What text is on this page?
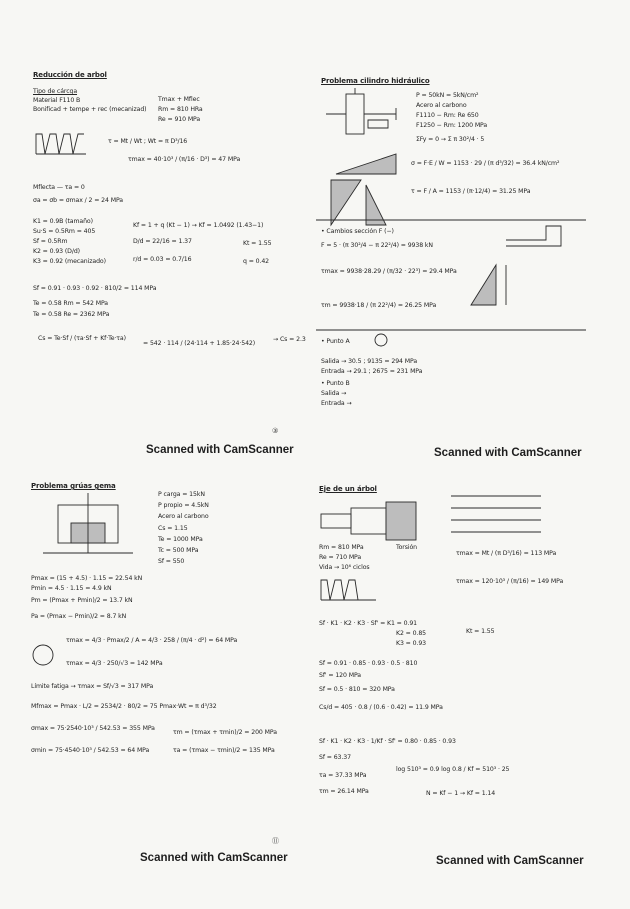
Reducción de arbol
Tipo de cárcga
Material F110 B
Bonificad + tempe + rec (mecanizad)
Tmax + Mflec
Rm = 810 HRa
Re = 910 MPa
τ = Mt / Wt ; Wt = π D³/16
τmax = 40·10³ / (π/16 · D³) = 47 MPa
Mflecta — τa = 0
σa = σb = σmax / 2 = 24 MPa
K1 = 0.9B (tamaño)
Su·S = 0.5Rm = 405
Sf = 0.5Rm
K2 = 0.93 (D/d)
K3 = 0.92 (mecanizado)
Kf = 1 + q (Kt − 1) → Kf = 1.0492 (1.43−1)
D/d = 22/16 = 1.37
r/d = 0.03 = 0.7/16
Kt = 1.55
q = 0.42
Sf = 0.91 · 0.93 · 0.92 · 810/2 = 114 MPa
Te = 0.58 Rm = 542 MPa
Te = 0.58 Re = 2362 MPa
Cs = Te·Sf / (τa·Sf + Kf·Te·τa)
= 542 · 114 / (24·114 + 1.85·24·542)
→ Cs = 2.3
③
Scanned with CamScanner
Problema cilindro hidráulico
P = 50kN = 5kN/cm²
Acero al carbono
F1110 − Rm: Re 650
F1250 − Rm: 1200 MPa
ΣFy = 0 → Σ π 30²/4 · 5
σ = F·E / W = 1153 · 29 / (π d³/32) = 36.4 kN/cm²
τ = F / A = 1153 / (π·12/4) = 31.25 MPa
• Cambios sección F (−)
F = 5 · (π 30²/4 − π 22²/4) = 9938 kN
τmax = 9938·28.29 / (π/32 · 22³) = 29.4 MPa
τm = 9938·18 / (π 22²/4) = 26.25 MPa
• Punto A
Salida → 30.5 ; 9135 = 294 MPa
Entrada → 29.1 ; 2675 = 231 MPa
• Punto B
Salida →
Entrada →
Scanned with CamScanner
Problema grúas gema
P carga = 15kN
P propio = 4.5kN
Acero al carbono
Cs = 1.15
Te = 1000 MPa
Tc = 500 MPa
Sf = 550
Pmax = (15 + 4.5) · 1.15 = 22.54 kN
Pmin = 4.5 · 1.15 = 4.9 kN
Pm = (Pmax + Pmin)/2 = 13.7 kN
Pa = (Pmax − Pmin)/2 = 8.7 kN
τmax = 4/3 · Pmax/2 / A = 4/3 · 258 / (π/4 · d²) = 64 MPa
τmax = 4/3 · 250/√3 = 142 MPa
Límite fatiga → τmax = Sf/√3 = 317 MPa
Mfmax = Pmax · L/2 = 2534/2 · 80/2 = 75 Pmax·Wt = π d³/32
σmax = 75·2540·10³ / 542.53 = 355 MPa
σmin = 75·4540·10³ / 542.53 = 64 MPa
τm = (τmax + τmin)/2 = 200 MPa
τa = (τmax − τmin)/2 = 135 MPa
⑪
Scanned with CamScanner
Eje de un árbol
Rm = 810 MPa
Re = 710 MPa
Vida → 10⁶ ciclos
Torsión
τmax = Mt / (π D³/16) = 113 MPa
τmax = 120·10³ / (π/16) = 149 MPa
Sf · K1 · K2 · K3 · Sf' = K1 = 0.91
K2 = 0.85
K3 = 0.93
Kt = 1.55
Sf = 0.91 · 0.85 · 0.93 · 0.5 · 810
Sf' = 120 MPa
Sf = 0.5 · 810 = 320 MPa
Cs/d = 405 · 0.8 / (0.6 · 0.42) = 11.9 MPa
Sf · K1 · K2 · K3 · 1/Kf · Sf' = 0.80 · 0.85 · 0.93
Sf = 63.37
τa = 37.33 MPa
τm = 26.14 MPa
log 510³ = 0.9 log 0.8 / Kf = 510³ · 25
N = Kf − 1 → Kf = 1.14
Scanned with CamScanner
